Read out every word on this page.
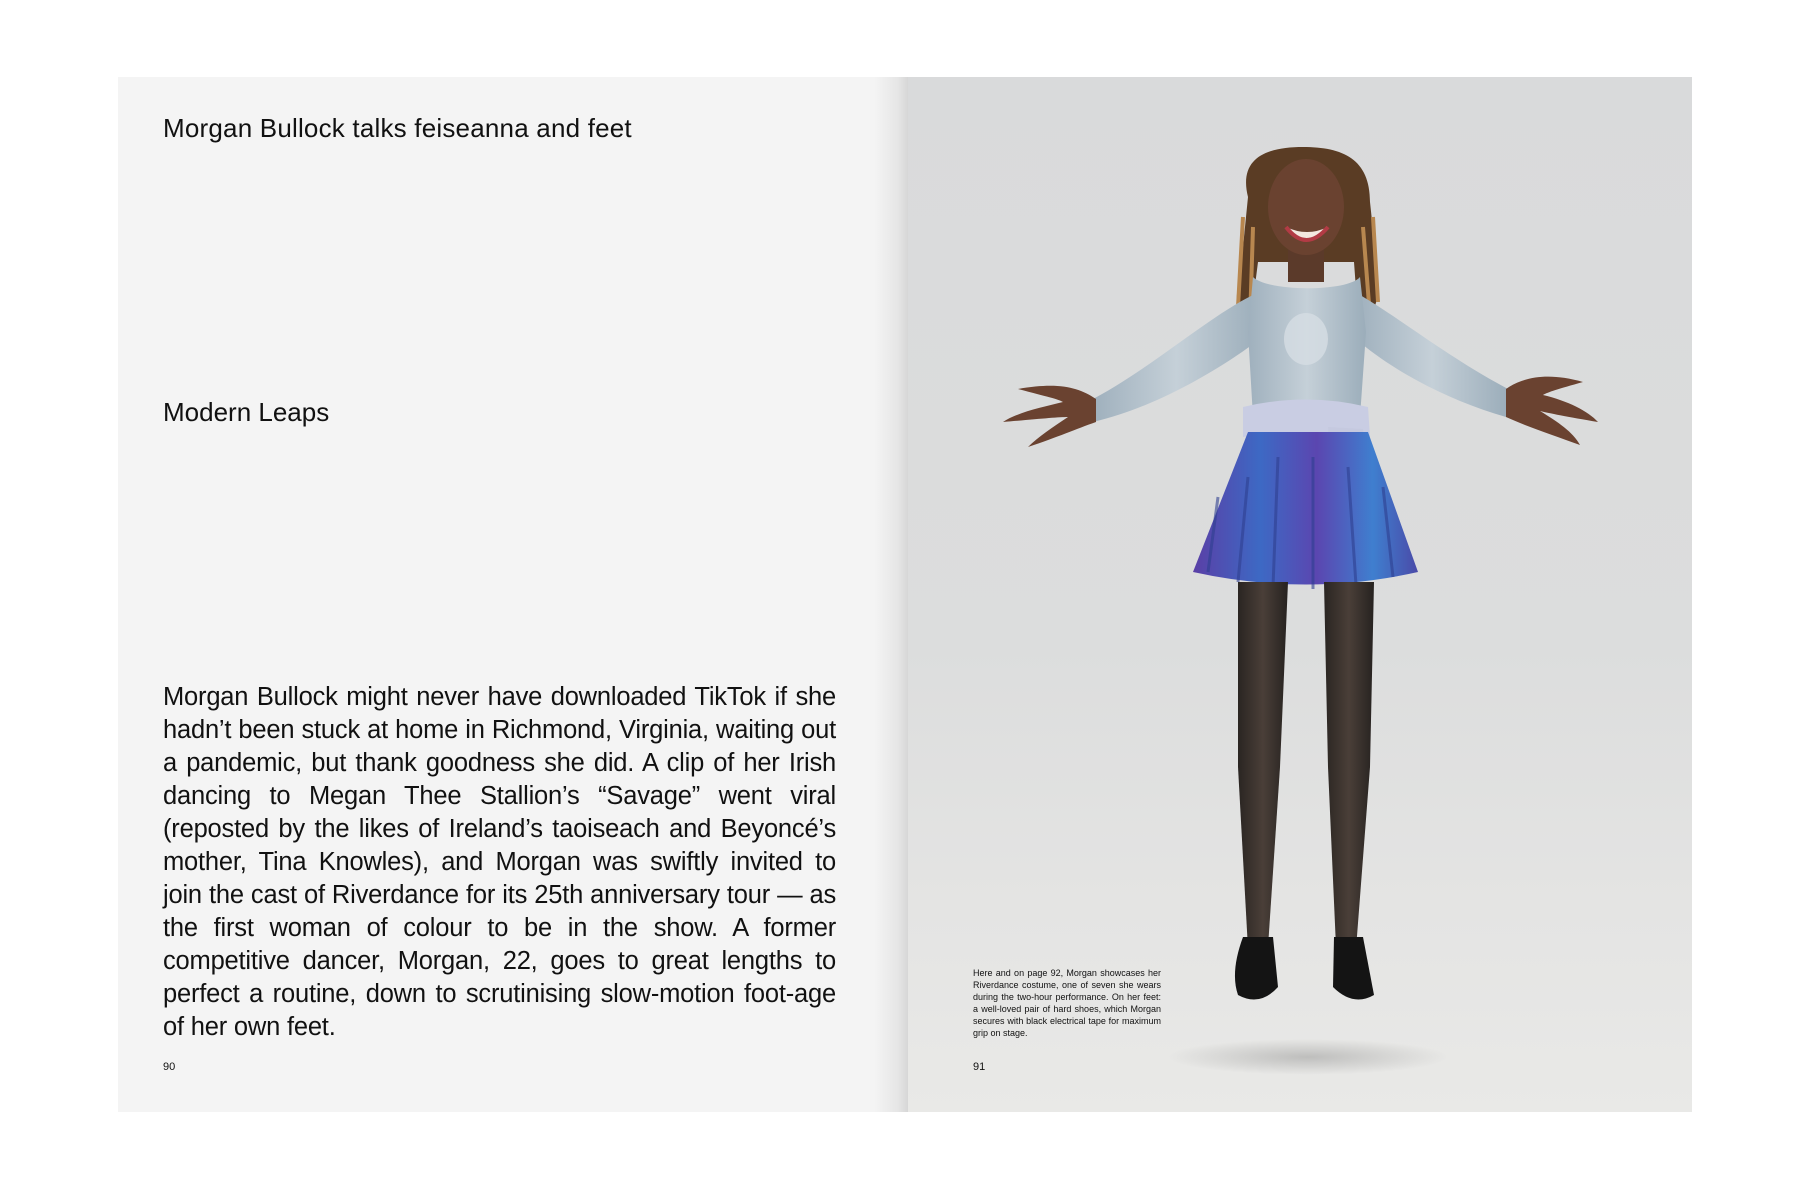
Morgan Bullock talks feiseanna and feet
Modern Leaps

Morgan Bullock might never have downloaded TikTok if she hadn’t been stuck at home in Richmond, Virginia, waiting out a pandemic, but thank goodness she did. A clip of her Irish dancing to Megan Thee Stallion’s “Savage” went viral (reposted by the likes of Ireland’s taoiseach and Beyoncé’s mother, Tina Knowles), and Morgan was swiftly invited to join the cast of Riverdance for its 25th anniversary tour — as the first woman of colour to be in the show. A former competitive dancer, Morgan, 22, goes to great lengths to perfect a routine, down to scrutinising slow-motion foot-age of her own feet.

90

Here and on page 92, Morgan showcases her Riverdance costume, one of seven she wears during the two-hour performance. On her feet: a well-loved pair of hard shoes, which Morgan secures with black electrical tape for maximum grip on stage.

91
